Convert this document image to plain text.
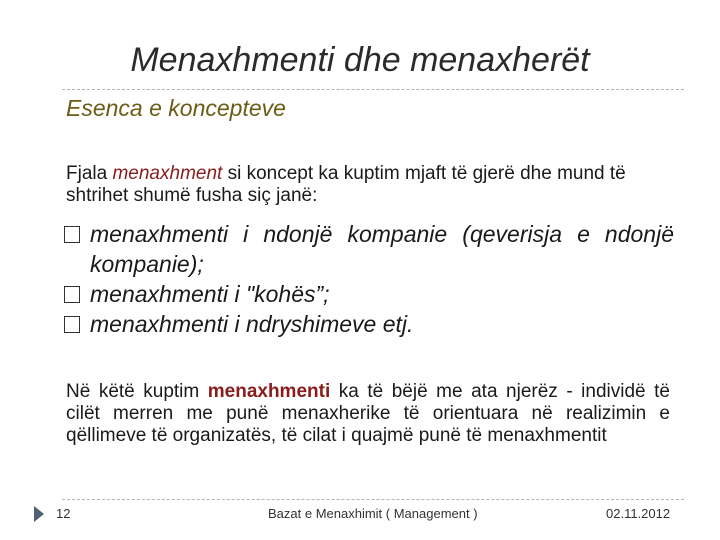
Menaxhmenti dhe menaxherët
Esenca e koncepteve
Fjala menaxhment si koncept ka kuptim mjaft të gjerë dhe mund të shtrihet shumë fusha siç janë:
menaxhmenti i ndonjë kompanie (qeverisja e ndonjë kompanie);
menaxhmenti i "kohës”;
menaxhmenti i ndryshimeve etj.
Në këtë kuptim menaxhmenti ka të bëjë me ata njerëz - individë të cilët merren me punë menaxherike të orientuara në realizimin e qëllimeve të organizatës, të cilat i quajmë punë të menaxhmentit
12	Bazat e Menaxhimit ( Management )	02.11.2012
